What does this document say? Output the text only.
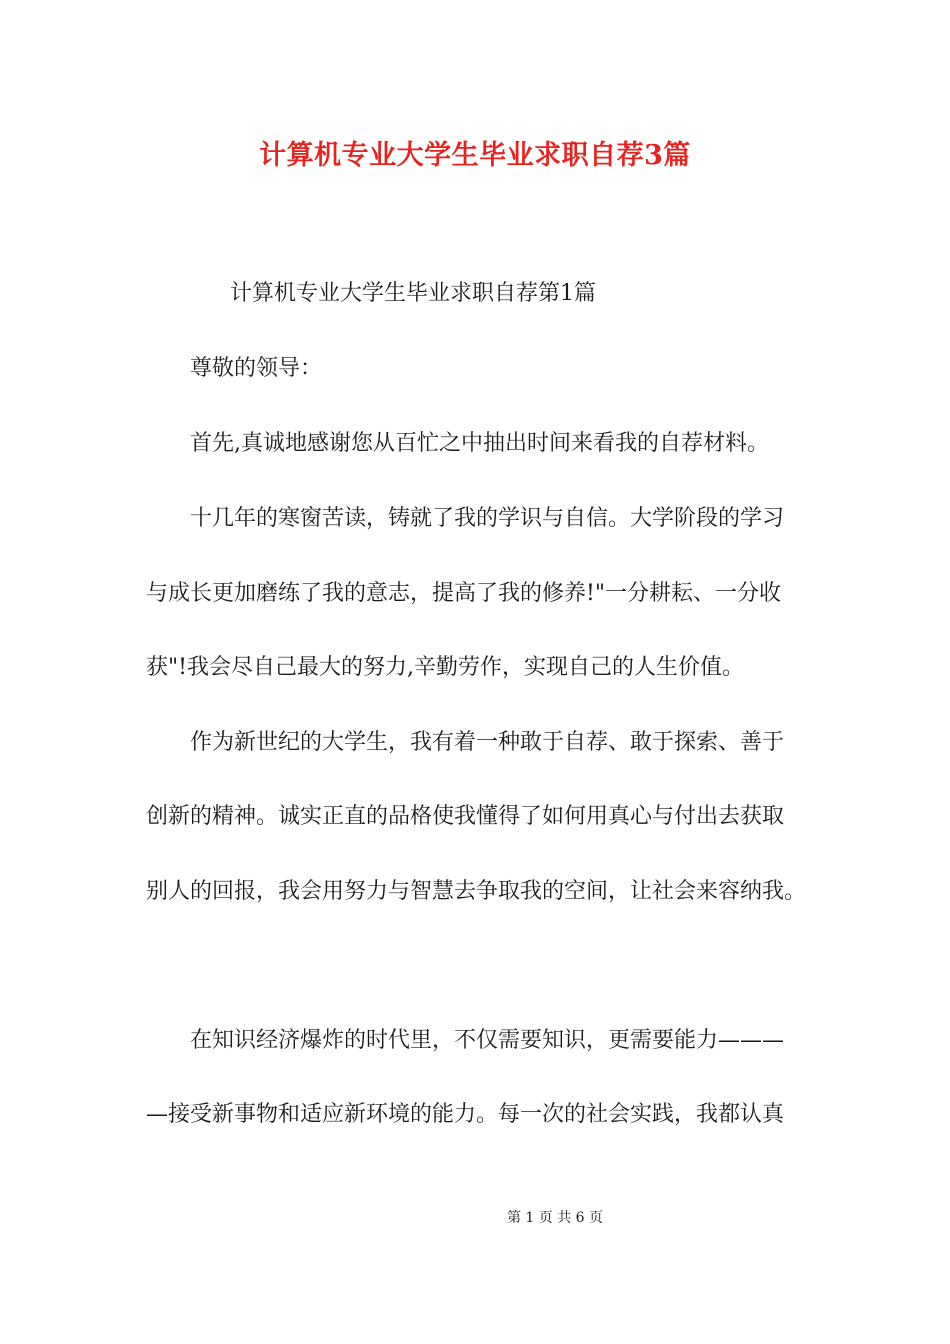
计算机专业大学生毕业求职自荐3篇
计算机专业大学生毕业求职自荐第1篇
尊敬的领导：
首先,真诚地感谢您从百忙之中抽出时间来看我的自荐材料。
十几年的寒窗苦读，铸就了我的学识与自信。大学阶段的学习
与成长更加磨练了我的意志，提高了我的修养!"一分耕耘、一分收
获"!我会尽自己最大的努力,辛勤劳作，实现自己的人生价值。
作为新世纪的大学生，我有着一种敢于自荐、敢于探索、善于
创新的精神。诚实正直的品格使我懂得了如何用真心与付出去获取
别人的回报，我会用努力与智慧去争取我的空间，让社会来容纳我。
在知识经济爆炸的时代里，不仅需要知识，更需要能力———
—接受新事物和适应新环境的能力。每一次的社会实践，我都认真
第 1 页 共 6 页
